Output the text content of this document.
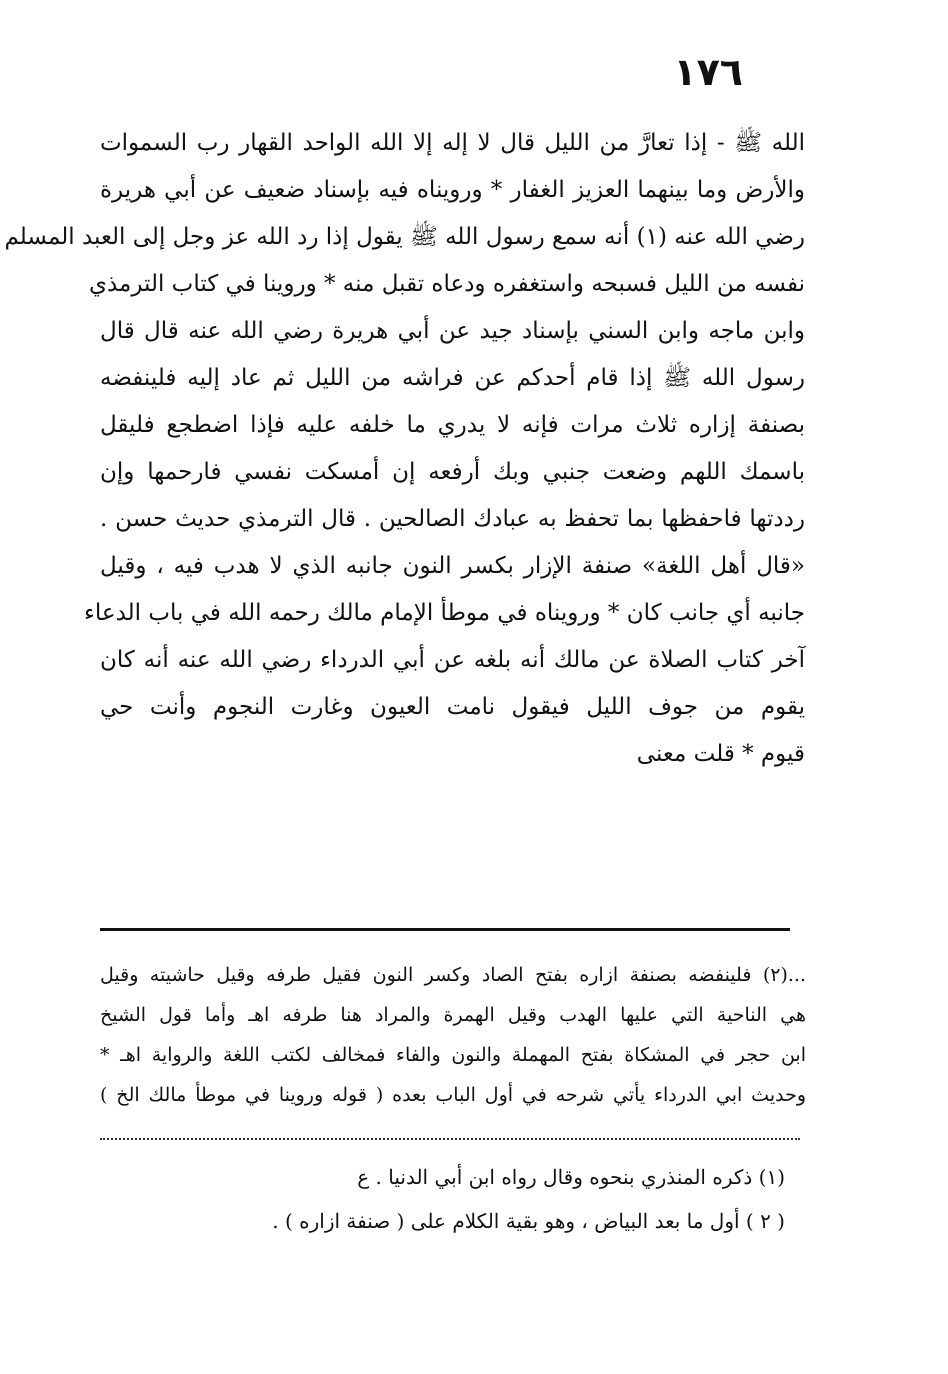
١٧٦
الله ﷺ - إذا تعارَّ من الليل قال لا إله إلا الله الواحد القهار رب السموات
والأرض وما بينهما العزيز الغفار * ورويناه فيه بإسناد ضعيف عن أبي هريرة
رضي الله عنه (١) أنه سمع رسول الله ﷺ يقول إذا رد الله عز وجل إلى العبد المسلم
نفسه من الليل فسبحه واستغفره ودعاه تقبل منه * وروينا في كتاب الترمذي
وابن ماجه وابن السني بإسناد جيد عن أبي هريرة رضي الله عنه قال قال
رسول الله ﷺ إذا قام أحدكم عن فراشه من الليل ثم عاد إليه فلينفضه
بصنفة إزاره ثلاث مرات فإنه لا يدري ما خلفه عليه فإذا اضطجع فليقل
باسمك اللهم وضعت جنبي وبك أرفعه إن أمسكت نفسي فارحمها وإن
رددتها فاحفظها بما تحفظ به عبادك الصالحين . قال الترمذي حديث حسن .
«قال أهل اللغة» صنفة الإزار بكسر النون جانبه الذي لا هدب فيه ، وقيل
جانبه أي جانب كان * ورويناه في موطأ الإمام مالك رحمه الله في باب الدعاء
آخر كتاب الصلاة عن مالك أنه بلغه عن أبي الدرداء رضي الله عنه أنه كان
يقوم من جوف الليل فيقول نامت العيون وغارت النجوم وأنت حي
قيوم * قلت معنى
...(٢) فلينفضه بصنفة ازاره بفتح الصاد وكسر النون فقيل طرفه وقيل حاشيته وقيل
هي الناحية التي عليها الهدب وقيل الهمرة والمراد هنا طرفه اهـ وأما قول الشيخ
ابن حجر في المشكاة بفتح المهملة والنون والفاء فمخالف لكتب اللغة والرواية اهـ *
وحديث ابي الدرداء يأتي شرحه في أول الباب بعده ( قوله وروينا في موطأ مالك الخ )
(١) ذكره المنذري بنحوه وقال رواه ابن أبي الدنيا . ع
( ٢ ) أول ما بعد البياض ، وهو بقية الكلام على ( صنفة ازاره ) .
